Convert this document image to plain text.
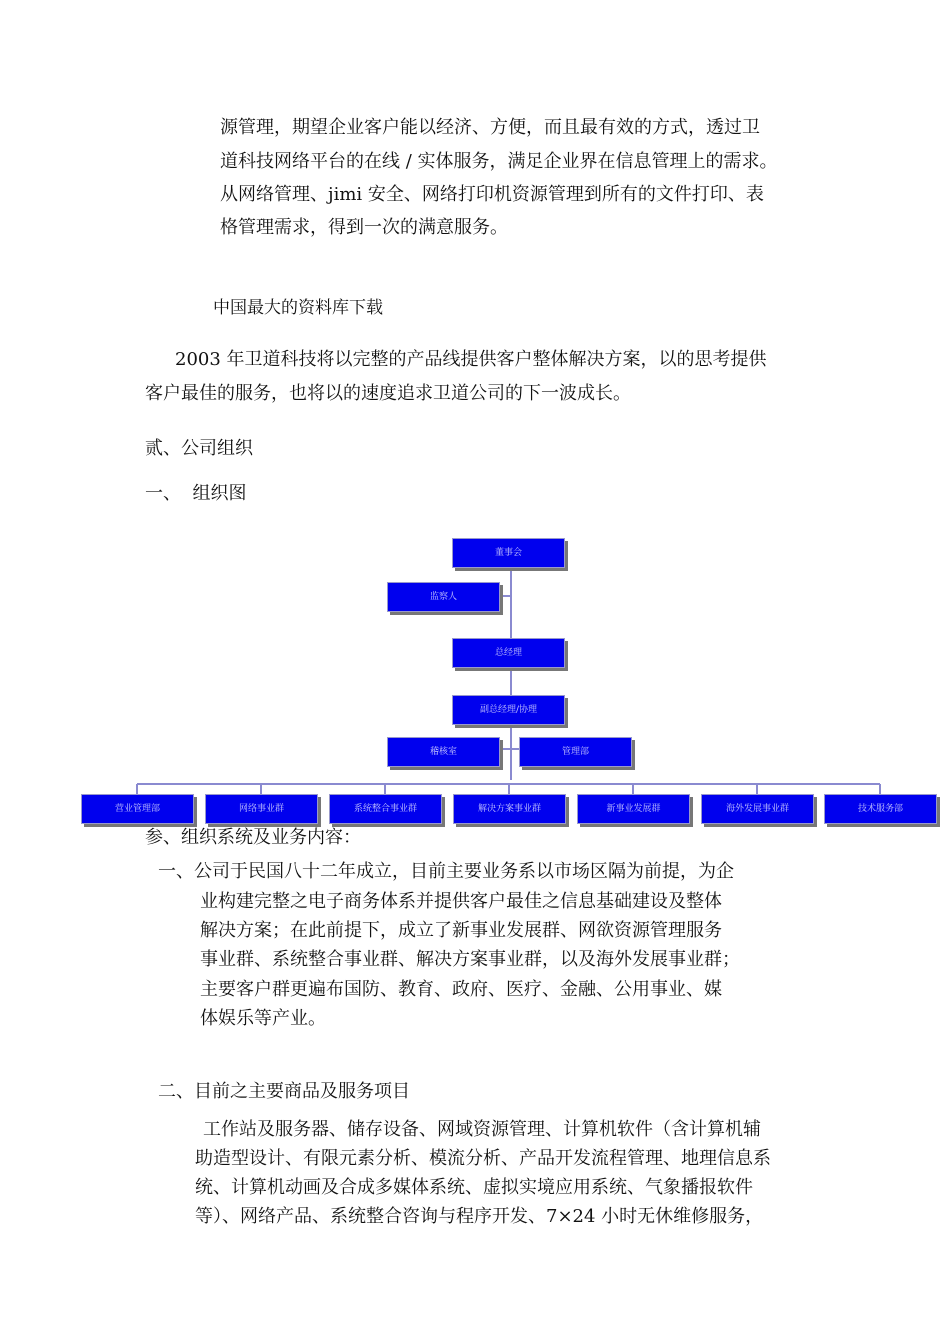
源管理，期望企业客户能以经济、方便，而且最有效的方式，透过卫
道科技网络平台的在线 / 实体服务，满足企业界在信息管理上的需求。
从网络管理、jimi 安全、网络打印机资源管理到所有的文件打印、表
格管理需求，得到一次的满意服务。
中国最大的资料库下载
2003 年卫道科技将以完整的产品线提供客户整体解决方案，以的思考提供
客户最佳的服务，也将以的速度追求卫道公司的下一波成长。
贰、公司组织
一、  组织图
董事会
监察人
总经理
副总经理/协理
稽核室	管理部
营业管理部	网络事业群	系统整合事业群	解决方案事业群	新事业发展群	海外发展事业群	技术服务部
参、组织系统及业务内容：
一、公司于民国八十二年成立，目前主要业务系以市场区隔为前提，为企
业构建完整之电子商务体系并提供客户最佳之信息基础建设及整体
解决方案；在此前提下，成立了新事业发展群、网欲资源管理服务
事业群、系统整合事业群、解决方案事业群，以及海外发展事业群；
主要客户群更遍布国防、教育、政府、医疗、金融、公用事业、媒
体娱乐等产业。
二、目前之主要商品及服务项目
工作站及服务器、储存设备、网域资源管理、计算机软件（含计算机辅
助造型设计、有限元素分析、模流分析、产品开发流程管理、地理信息系
统、计算机动画及合成多媒体系统、虚拟实境应用系统、气象播报软件
等）、网络产品、系统整合咨询与程序开发、7×24 小时无休维修服务，
